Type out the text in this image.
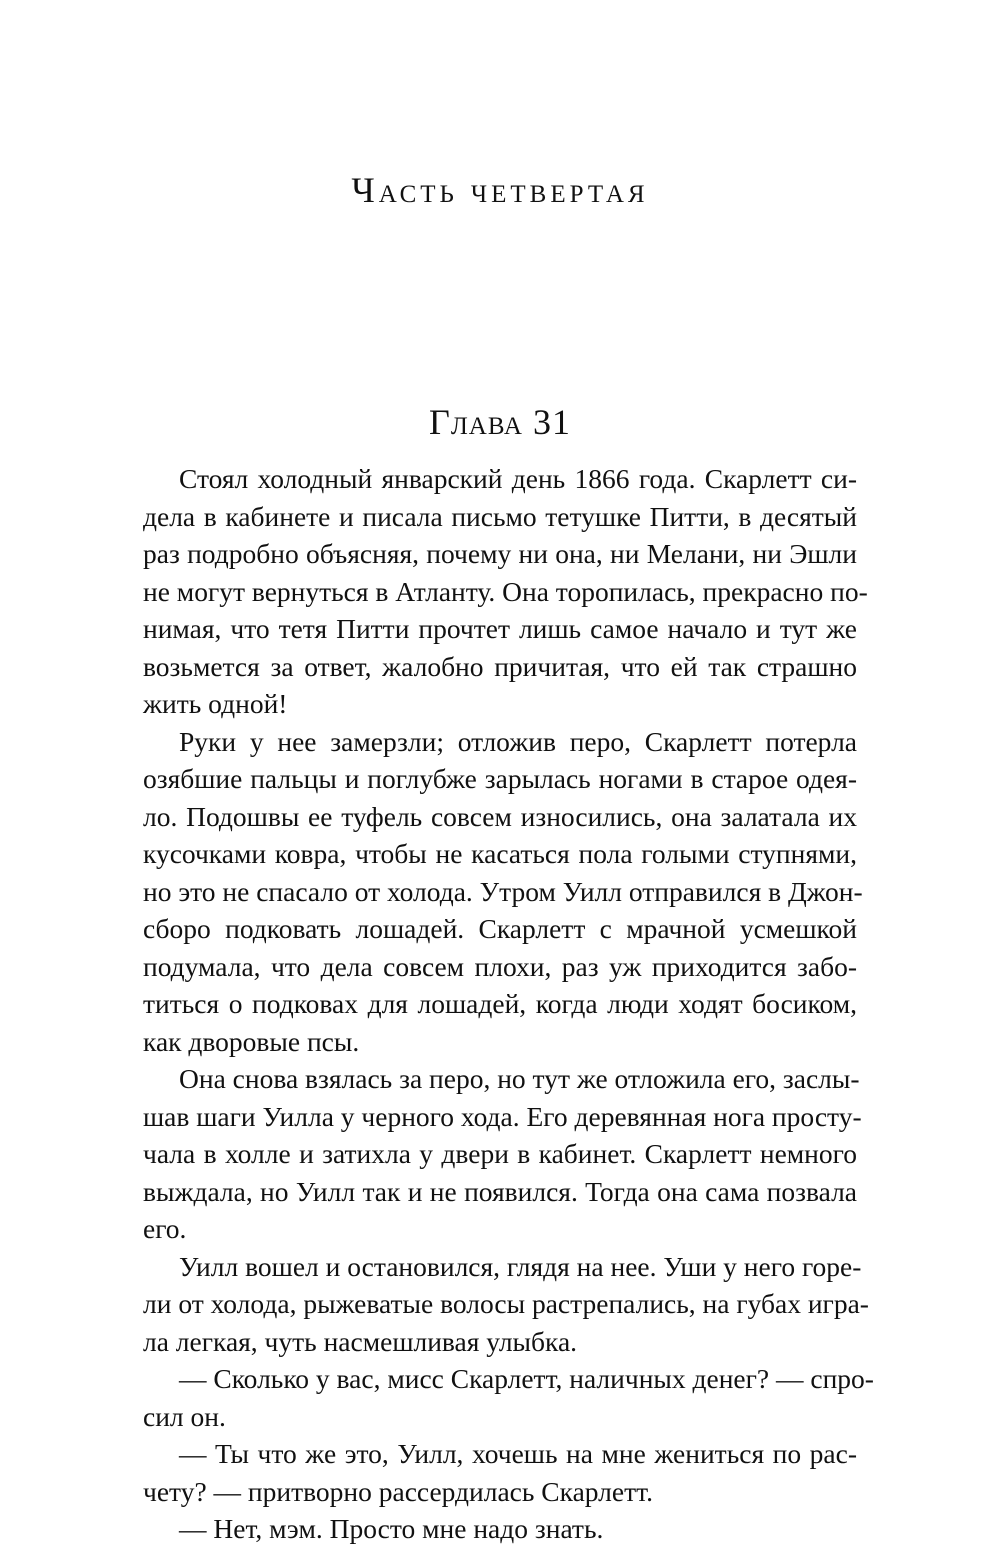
Часть четвертая
Глава 31
Стоял холодный январский день 1866 года. Скарлетт си-
дела в кабинете и писала письмо тетушке Питти, в десятый
раз подробно объясняя, почему ни она, ни Мелани, ни Эшли
не могут вернуться в Атланту. Она торопилась, прекрасно по-
нимая, что тетя Питти прочтет лишь самое начало и тут же
возьмется за ответ, жалобно причитая, что ей так страшно
жить одной!
Руки у нее замерзли; отложив перо, Скарлетт потерла
озябшие пальцы и поглубже зарылась ногами в старое одея-
ло. Подошвы ее туфель совсем износились, она залатала их
кусочками ковра, чтобы не касаться пола голыми ступнями,
но это не спасало от холода. Утром Уилл отправился в Джон-
сборо подковать лошадей. Скарлетт с мрачной усмешкой
подумала, что дела совсем плохи, раз уж приходится забо-
титься о подковах для лошадей, когда люди ходят босиком,
как дворовые псы.
Она снова взялась за перо, но тут же отложила его, заслы-
шав шаги Уилла у черного хода. Его деревянная нога просту-
чала в холле и затихла у двери в кабинет. Скарлетт немного
выждала, но Уилл так и не появился. Тогда она сама позвала
его.
Уилл вошел и остановился, глядя на нее. Уши у него горе-
ли от холода, рыжеватые волосы растрепались, на губах игра-
ла легкая, чуть насмешливая улыбка.
— Сколько у вас, мисс Скарлетт, наличных денег? — спро-
сил он.
— Ты что же это, Уилл, хочешь на мне жениться по рас-
чету? — притворно рассердилась Скарлетт.
— Нет, мэм. Просто мне надо знать.
